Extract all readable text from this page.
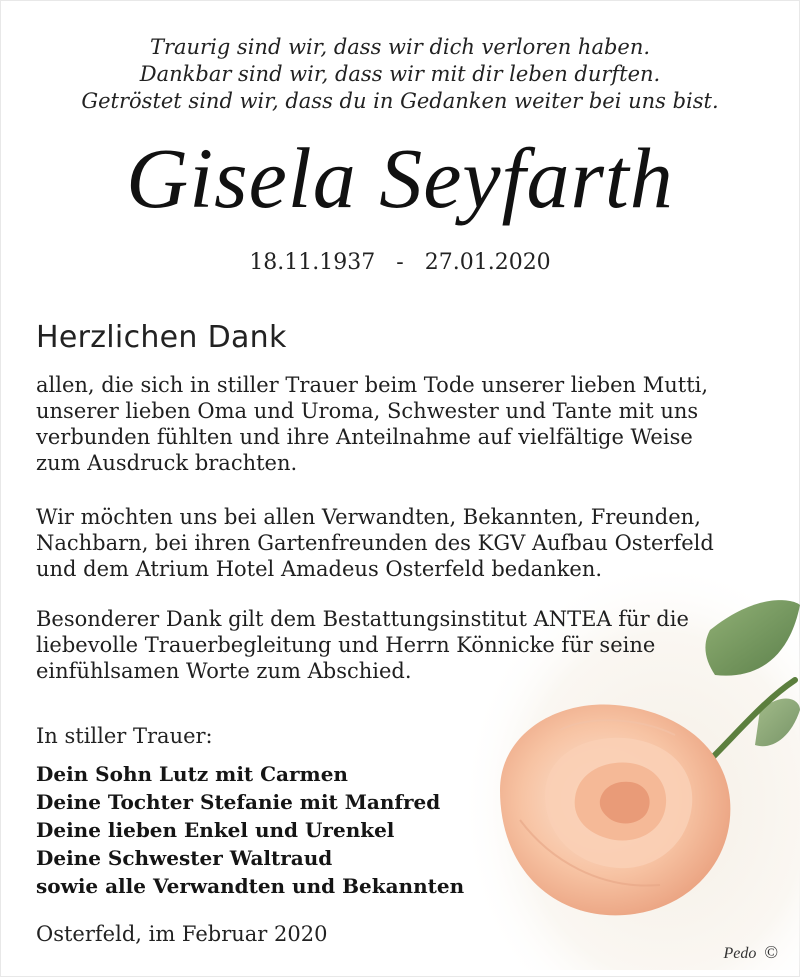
Traurig sind wir, dass wir dich verloren haben.
Dankbar sind wir, dass wir mit dir leben durften.
Getröstet sind wir, dass du in Gedanken weiter bei uns bist.
Gisela Seyfarth
18.11.1937 - 27.01.2020
Herzlichen Dank
allen, die sich in stiller Trauer beim Tode unserer lieben Mutti,
unserer lieben Oma und Uroma, Schwester und Tante mit uns
verbunden fühlten und ihre Anteilnahme auf vielfältige Weise
zum Ausdruck brachten.
Wir möchten uns bei allen Verwandten, Bekannten, Freunden,
Nachbarn, bei ihren Gartenfreunden des KGV Aufbau Osterfeld
und dem Atrium Hotel Amadeus Osterfeld bedanken.
Besonderer Dank gilt dem Bestattungsinstitut ANTEA für die
liebevolle Trauerbegleitung und Herrn Könnicke für seine
einfühlsamen Worte zum Abschied.
In stiller Trauer:
Dein Sohn Lutz mit Carmen
Deine Tochter Stefanie mit Manfred
Deine lieben Enkel und Urenkel
Deine Schwester Waltraud
sowie alle Verwandten und Bekannten
Osterfeld, im Februar 2020
Pedo ©
